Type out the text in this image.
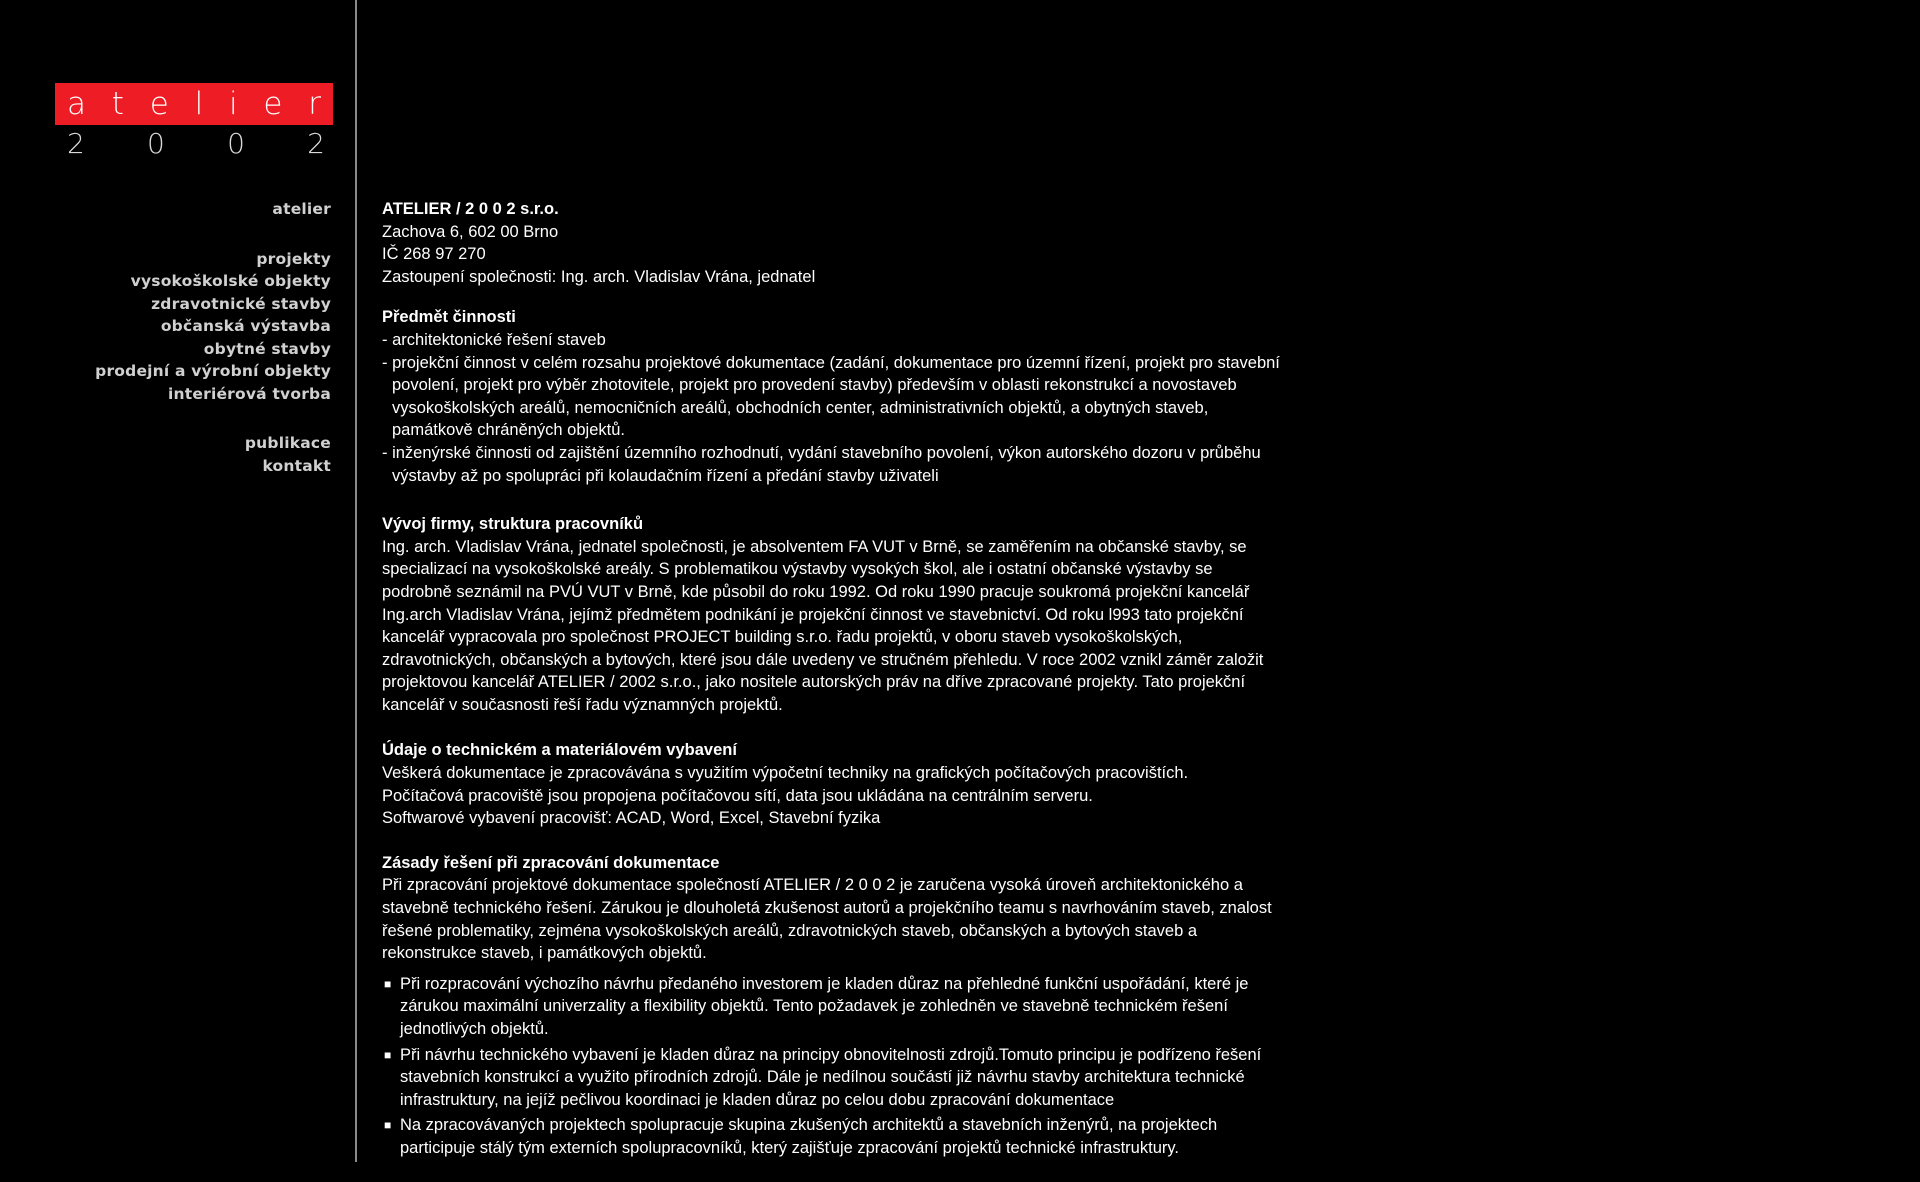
a t e l i e r
2 0 0 2
atelier
projekty
vysokoškolské objekty
zdravotnické stavby
občanská výstavba
obytné stavby
prodejní a výrobní objekty
interiérová tvorba
publikace
kontakt
ATELIER / 2 0 0 2 s.r.o.

Zachova 6, 602 00 Brno

IČ 268 97 270

Zastoupení společnosti: Ing. arch. Vladislav Vrána, jednatel

Předmět činnosti

- architektonické řešení staveb

- projekční činnost v celém rozsahu projektové dokumentace (zadání, dokumentace pro územní řízení, projekt pro stavební povolení, projekt pro výběr zhotovitele, projekt pro provedení stavby) především v oblasti rekonstrukcí a novostaveb vysokoškolských areálů, nemocničních areálů, obchodních center, administrativních objektů, a obytných staveb, památkově chráněných objektů.

- inženýrské činnosti od zajištění územního rozhodnutí, vydání stavebního povolení, výkon autorského dozoru v průběhu výstavby až po spolupráci při kolaudačním řízení a předání stavby uživateli

Vývoj firmy, struktura pracovníků

Ing. arch. Vladislav Vrána, jednatel společnosti, je absolventem FA VUT v Brně, se zaměřením na občanské stavby, se specializací na vysokoškolské areály. S problematikou výstavby vysokých škol, ale i ostatní občanské výstavby se podrobně seznámil na PVÚ VUT v Brně, kde působil do roku 1992. Od roku 1990 pracuje soukromá projekční kancelář Ing.arch Vladislav Vrána, jejímž předmětem podnikání je projekční činnost ve stavebnictví. Od roku l993 tato projekční kancelář vypracovala pro společnost PROJECT building s.r.o. řadu projektů, v oboru staveb vysokoškolských, zdravotnických, občanských a bytových, které jsou dále uvedeny ve stručném přehledu. V roce 2002 vznikl záměr založit projektovou kancelář ATELIER / 2002 s.r.o., jako nositele autorských práv na dříve zpracované projekty. Tato projekční kancelář v současnosti řeší řadu významných projektů.

Údaje o technickém a materiálovém vybavení

Veškerá dokumentace je zpracovávána s využitím výpočetní techniky na grafických počítačových pracovištích.

Počítačová pracoviště jsou propojena počítačovou sítí, data jsou ukládána na centrálním serveru.

Softwarové vybavení pracovišť: ACAD, Word, Excel, Stavební fyzika

Zásady řešení při zpracování dokumentace

Při zpracování projektové dokumentace společností ATELIER / 2 0 0 2 je zaručena vysoká úroveň architektonického a stavebně technického řešení. Zárukou je dlouholetá zkušenost autorů a projekčního teamu s navrhováním staveb, znalost řešené problematiky, zejména vysokoškolských areálů, zdravotnických staveb, občanských a bytových staveb a rekonstrukce staveb, i památkových objektů.

■ Při rozpracování výchozího návrhu předaného investorem je kladen důraz na přehledné funkční uspořádání, které je zárukou maximální univerzality a flexibility objektů. Tento požadavek je zohledněn ve stavebně technickém řešení jednotlivých objektů.
■ Při návrhu technického vybavení je kladen důraz na principy obnovitelnosti zdrojů.Tomuto principu je podřízeno řešení stavebních konstrukcí a využito přírodních zdrojů. Dále je nedílnou součástí již návrhu stavby architektura technické infrastruktury, na jejíž pečlivou koordinaci je kladen důraz po celou dobu zpracování dokumentace
■ Na zpracovávaných projektech spolupracuje skupina zkušených architektů a stavebních inženýrů, na projektech participuje stálý tým externích spolupracovníků, který zajišťuje zpracování projektů technické infrastruktury.
